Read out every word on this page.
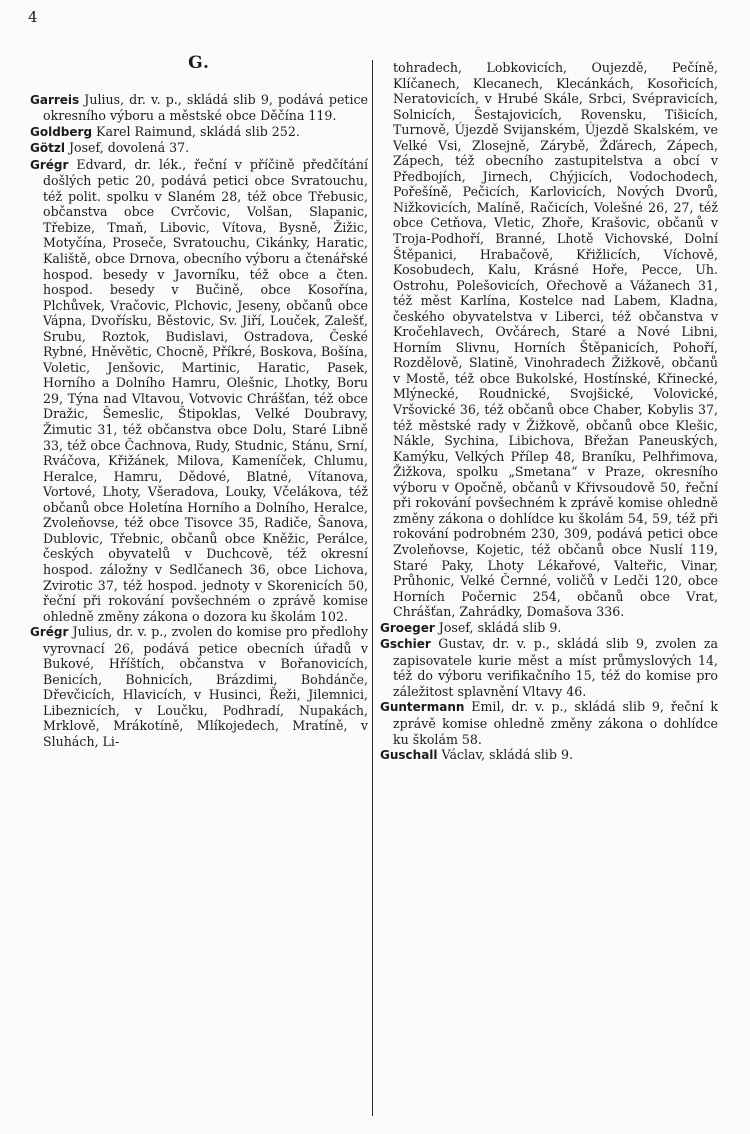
4
G.

Garreis Julius, dr. v. p., skládá slib 9, podává petice okresního výboru a městské obce Děčína 119.

Goldberg Karel Raimund, skládá slib 252.

Götzl Josef, dovolená 37.

Grégr Edvard, dr. lék., řeční v příčině předčítání došlých petic 20, podává petici obce Svratouchu, též polit. spolku v Slaném 28, též obce Třebusic, občanstva obce Cvrčovic, Volšan, Slapanic, Třebize, Tmaň, Libovic, Vítova, Bysně, Žižic, Motyčína, Proseče, Svratouchu, Cikánky, Haratic, Kaliště, obce Drnova, obecního výboru a čtenářské hospod. besedy v Javorníku, též obce a čten. hospod. besedy v Bučině, obce Kosořína, Plchůvek, Vračovic, Plchovic, Jeseny, občanů obce Vápna, Dvořísku, Běstovic, Sv. Jiří, Louček, Zalešť, Srubu, Roztok, Budislavi, Ostradova, České Rybné, Hněvětic, Chocně, Příkré, Boskova, Bošína, Voletic, Jenšovic, Martinic, Haratic, Pasek, Horního a Dolního Hamru, Olešnic, Lhotky, Boru 29, Týna nad Vltavou, Votvovic Chrášťan, též obce Dražic, Šemeslic, Štipoklas, Velké Doubravy, Žimutic 31, též občanstva obce Dolu, Staré Libně 33, též obce Čachnova, Rudy, Studnic, Stánu, Srní, Rváčova, Křižánek, Milova, Kameníček, Chlumu, Heralce, Hamru, Dědové, Blatné, Vítanova, Vortové, Lhoty, Všeradova, Louky, Včelákova, též občanů obce Holetína Horního a Dolního, Heralce, Zvoleňovse, též obce Tisovce 35, Radiče, Šanova, Dublovic, Třebnic, občanů obce Kněžic, Perálce, českých obyvatelů v Duchcově, též okresní hospod. záložny v Sedlčanech 36, obce Lichova, Zvirotic 37, též hospod. jednoty v Skorenicích 50, řeční při rokování povšechném o zprávě komise ohledně změny zákona o dozora ku školám 102.

Grégr Julius, dr. v. p., zvolen do komise pro předlohy vyrovnací 26, podává petice obecních úřadů v Bukové, Hříštích, občanstva v Bořanovicích, Benicích, Bohnicích, Brázdimi, Bohdánče, Dřevčicích, Hlavicích, v Husinci, Řeži, Jilemnici, Libeznicích, v Loučku, Podhradí, Nupakách, Mrklově, Mrákotíně, Mlíkojedech, Mratíně, v Sluhách, Li-

tohradech, Lobkovicích, Oujezdě, Pečíně, Klíčanech, Klecanech, Klecánkách, Kosořicích, Neratovicích, v Hrubé Skále, Srbci, Svépravicích, Solnicích, Šestajovicích, Rovensku, Tišicích, Turnově, Újezdě Svijanském, Újezdě Skalském, ve Velké Vsi, Zlosejně, Zárybě, Žďárech, Zápech, Zápech, též obecního zastupitelstva a obcí v Předbojích, Jirnech, Chýjicích, Vodochodech, Pořešíně, Pečicích, Karlovicích, Nových Dvorů, Nižkovicích, Malíně, Račicích, Volešné 26, 27, též obce Cetňova, Vletic, Zhoře, Krašovic, občanů v Troja-Podhoří, Branné, Lhotě Vichovské, Dolní Štěpanici, Hrabačově, Křižlicích, Víchově, Kosobudech, Kalu, Krásné Hoře, Pecce, Uh. Ostrohu, Polešovicích, Ořechově a Vážanech 31, též měst Karlína, Kostelce nad Labem, Kladna, českého obyvatelstva v Liberci, též občanstva v Kročehlavech, Ovčárech, Staré a Nové Libni, Horním Slivnu, Horních Štěpanicích, Pohoří, Rozdělově, Slatině, Vinohradech Žižkově, občanů v Mostě, též obce Bukolské, Hostínské, Křinecké, Mlýnecké, Roudnické, Svojšické, Volovické, Vršovické 36, též občanů obce Chaber, Kobylis 37, též městské rady v Žižkově, občanů obce Klešic, Nákle, Sychina, Libichova, Břežan Paneuských, Kamýku, Velkých Přílep 48, Braníku, Pelhřimova, Žižkova, spolku „Smetana“ v Praze, okresního výboru v Opočně, občanů v Křivsoudově 50, řeční při rokování povšechném k zprávě komise ohledně změny zákona o dohlídce ku školám 54, 59, též při rokování podrobném 230, 309, podává petici obce Zvoleňovse, Kojetic, též občanů obce Nuslí 119, Staré Paky, Lhoty Lékařové, Valteřic, Vinar, Průhonic, Velké Černné, voličů v Ledči 120, obce Horních Počernic 254, občanů obce Vrat, Chrášťan, Zahrádky, Domašova 336.

Groeger Josef, skládá slib 9.

Gschier Gustav, dr. v. p., skládá slib 9, zvolen za zapisovatele kurie měst a míst průmyslových 14, též do výboru verifikačního 15, též do komise pro záležitost splavnění Vltavy 46.

Guntermann Emil, dr. v. p., skládá slib 9, řeční k zprávě komise ohledně změny zákona o dohlídce ku školám 58.

Guschall Václav, skládá slib 9.
